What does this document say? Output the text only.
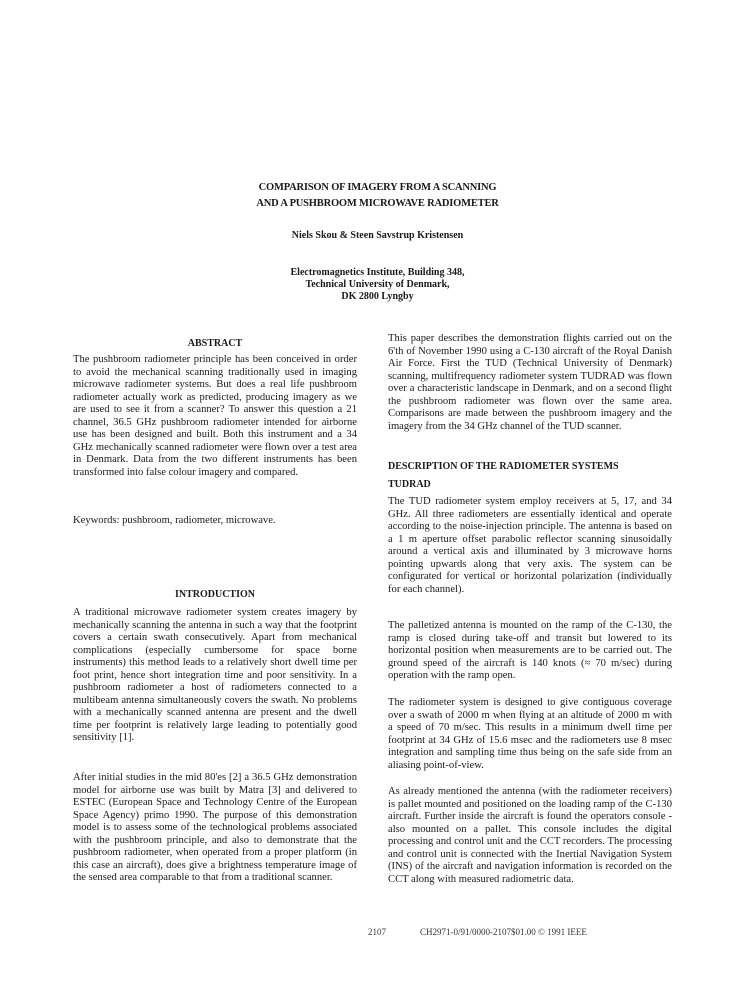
COMPARISON OF IMAGERY FROM A SCANNING
AND A PUSHBROOM MICROWAVE RADIOMETER
Niels Skou & Steen Savstrup Kristensen
Electromagnetics Institute, Building 348,
Technical University of Denmark,
DK 2800 Lyngby
ABSTRACT

The pushbroom radiometer principle has been conceived in order to avoid the mechanical scanning traditionally used in imaging microwave radiometer systems. But does a real life pushbroom radiometer actually work as predicted, producing imagery as we are used to see it from a scanner? To answer this question a 21 channel, 36.5 GHz pushbroom radiometer intended for airborne use has been designed and built. Both this instrument and a 34 GHz mechanically scanned radiometer were flown over a test area in Denmark. Data from the two different instruments has been transformed into false colour imagery and compared.

Keywords: pushbroom, radiometer, microwave.

INTRODUCTION

A traditional microwave radiometer system creates imagery by mechanically scanning the antenna in such a way that the footprint covers a certain swath consecutively. Apart from mechanical complications (especially cumbersome for space borne instruments) this method leads to a relatively short dwell time per foot print, hence short integration time and poor sensitivity. In a pushbroom radiometer a host of radiometers connected to a multibeam antenna simultaneously covers the swath. No problems with a mechanically scanned antenna are present and the dwell time per footprint is relatively large leading to potentially good sensitivity [1].

After initial studies in the mid 80'es [2] a 36.5 GHz demonstration model for airborne use was built by Matra [3] and delivered to ESTEC (European Space and Technology Centre of the European Space Agency) primo 1990. The purpose of this demonstration model is to assess some of the technological problems associated with the pushbroom principle, and also to demonstrate that the pushbroom radiometer, when operated from a proper platform (in this case an aircraft), does give a brightness temperature image of the sensed area comparable to that from a traditional scanner.

This paper describes the demonstration flights carried out on the 6'th of November 1990 using a C-130 aircraft of the Royal Danish Air Force. First the TUD (Technical University of Denmark) scanning, multifrequency radiometer system TUDRAD was flown over a characteristic landscape in Denmark, and on a second flight the pushbroom radiometer was flown over the same area. Comparisons are made between the pushbroom imagery and the imagery from the 34 GHz channel of the TUD scanner.

DESCRIPTION OF THE RADIOMETER SYSTEMS
TUDRAD

The TUD radiometer system employ receivers at 5, 17, and 34 GHz. All three radiometers are essentially identical and operate according to the noise-injection principle. The antenna is based on a 1 m aperture offset parabolic reflector scanning sinusoidally around a vertical axis and illuminated by 3 microwave horns pointing upwards along that very axis. The system can be configurated for vertical or horizontal polarization (individually for each channel).

The palletized antenna is mounted on the ramp of the C-130, the ramp is closed during take-off and transit but lowered to its horizontal position when measurements are to be carried out. The ground speed of the aircraft is 140 knots (≈ 70 m/sec) during operation with the ramp open.

The radiometer system is designed to give contiguous coverage over a swath of 2000 m when flying at an altitude of 2000 m with a speed of 70 m/sec. This results in a minimum dwell time per footprint at 34 GHz of 15.6 msec and the radiometers use 8 msec integration and sampling time thus being on the safe side from an aliasing point-of-view.

As already mentioned the antenna (with the radiometer receivers) is pallet mounted and positioned on the loading ramp of the C-130 aircraft. Further inside the aircraft is found the operators console - also mounted on a pallet. This console includes the digital processing and control unit and the CCT recorders. The processing and control unit is connected with the Inertial Navigation System (INS) of the aircraft and navigation information is recorded on the CCT along with measured radiometric data.

2107	CH2971-0/91/0000-2107$01.00 © 1991 IEEE
